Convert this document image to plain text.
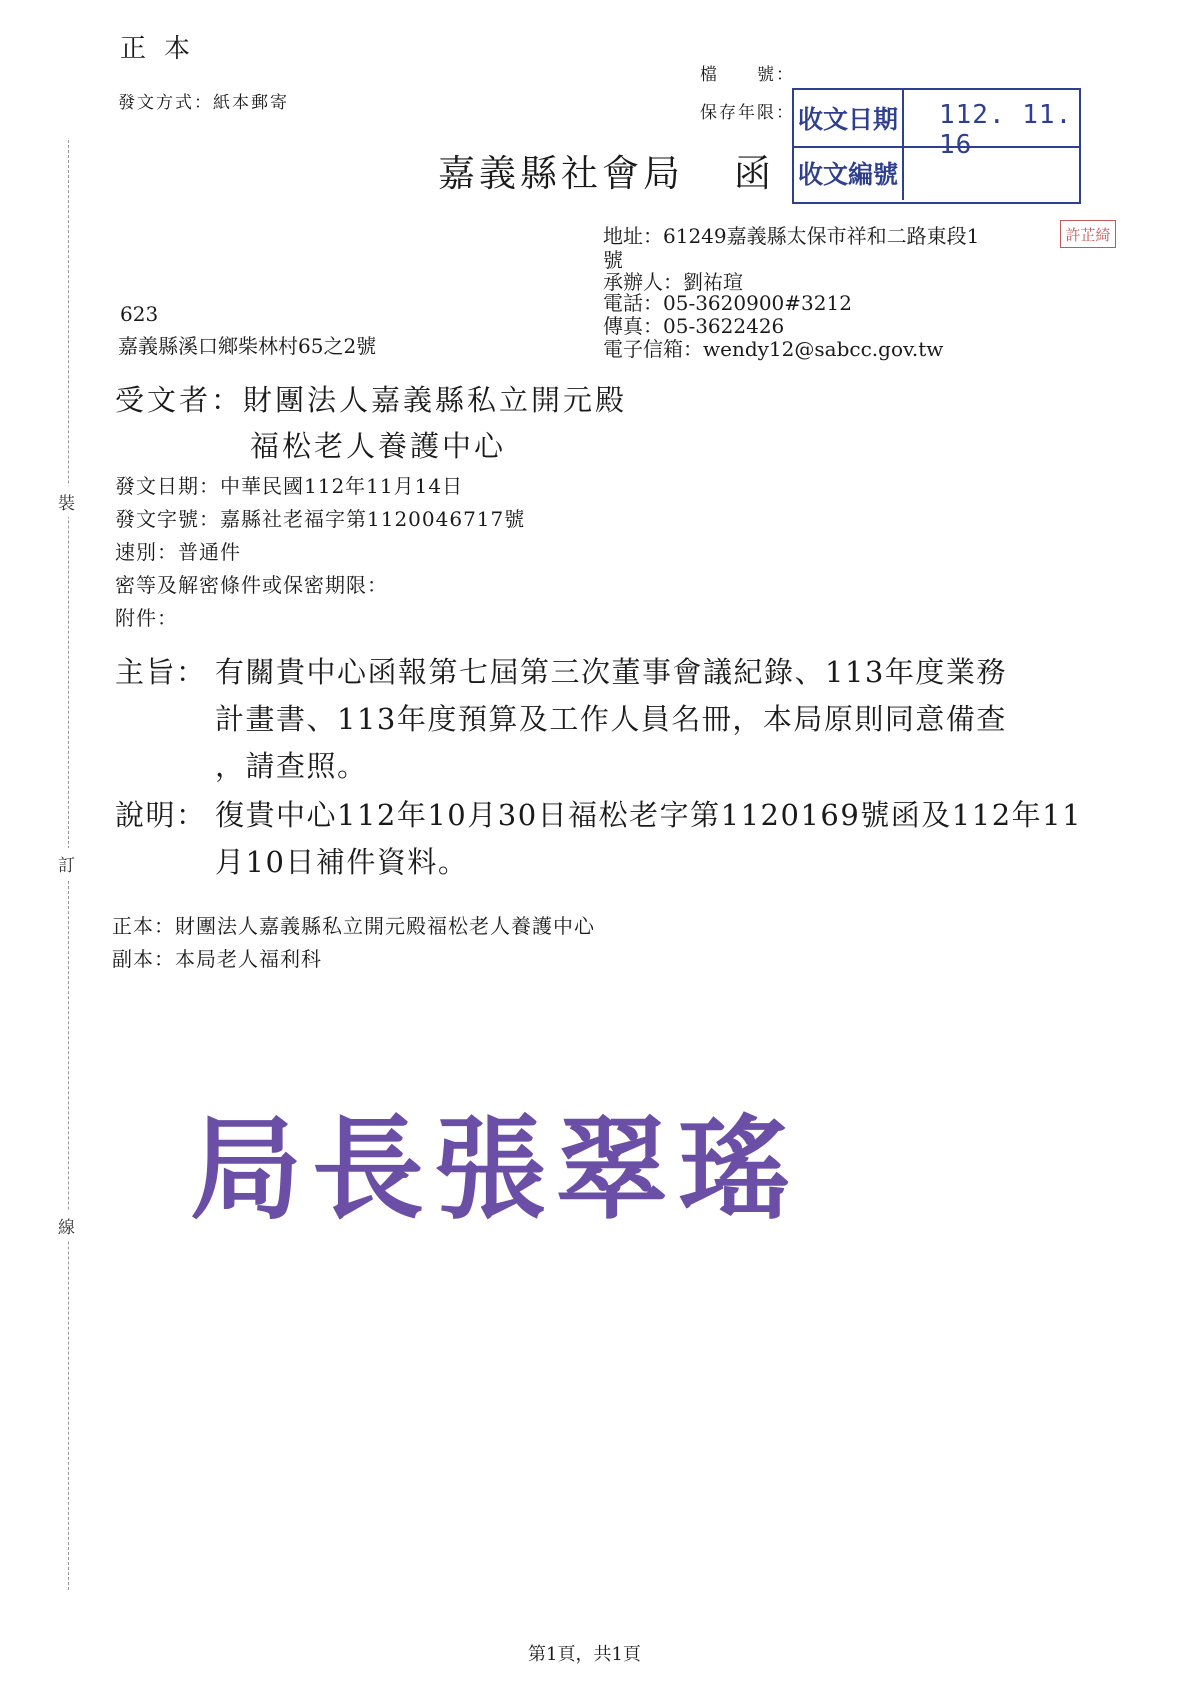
正本
發文方式：紙本郵寄
檔　　號：
保存年限： 收文日期 112. 11. 16
收文編號
嘉義縣社會局 函
地址：61249嘉義縣太保市祥和二路東段1
號
許芷綺
承辦人：劉祐瑄
電話：05-3620900#3212
傳真：05-3622426
電子信箱：wendy12@sabcc.gov.tw
623
嘉義縣溪口鄉柴林村65之2號
受文者：財團法人嘉義縣私立開元殿
福松老人養護中心
發文日期：中華民國112年11月14日
發文字號：嘉縣社老福字第1120046717號
速別：普通件
密等及解密條件或保密期限：
附件：
主旨： 有關貴中心函報第七屆第三次董事會議紀錄、113年度業務
計畫書、113年度預算及工作人員名冊，本局原則同意備查
，請查照。
說明： 復貴中心112年10月30日福松老字第1120169號函及112年11
月10日補件資料。
正本：財團法人嘉義縣私立開元殿福松老人養護中心
副本：本局老人福利科
局長張翠瑤
裝
訂
線
第1頁，共1頁
